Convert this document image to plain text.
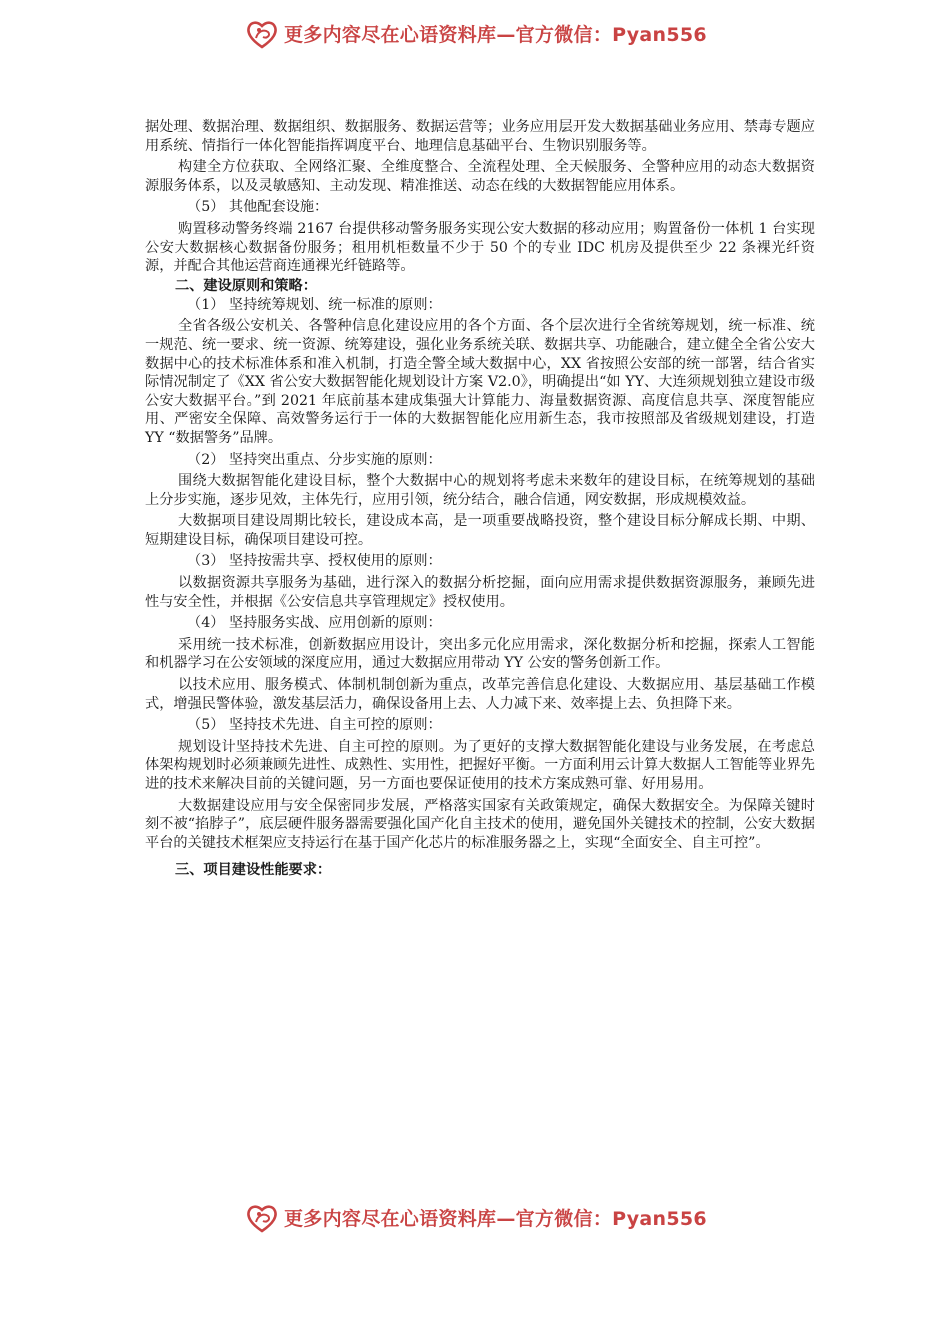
更多内容尽在心语资料库—官方微信：Pyan556

据处理、数据治理、数据组织、数据服务、数据运营等；业务应用层开发大数据基础业务应用、禁毒专题应用系统、情指行一体化智能指挥调度平台、地理信息基础平台、生物识别服务等。

构建全方位获取、全网络汇聚、全维度整合、全流程处理、全天候服务、全警种应用的动态大数据资源服务体系，以及灵敏感知、主动发现、精准推送、动态在线的大数据智能应用体系。

（5） 其他配套设施：

购置移动警务终端 2167 台提供移动警务服务实现公安大数据的移动应用；购置备份一体机 1 台实现公安大数据核心数据备份服务；租用机柜数量不少于 50 个的专业 IDC 机房及提供至少 22 条裸光纤资源，并配合其他运营商连通裸光纤链路等。

二、建设原则和策略：

（1） 坚持统筹规划、统一标准的原则：

全省各级公安机关、各警种信息化建设应用的各个方面、各个层次进行全省统筹规划，统一标准、统一规范、统一要求、统一资源、统筹建设，强化业务系统关联、数据共享、功能融合，建立健全全省公安大数据中心的技术标准体系和准入机制，打造全警全域大数据中心，XX 省按照公安部的统一部署，结合省实际情况制定了《XX 省公安大数据智能化规划设计方案 V2.0》，明确提出“如 YY、大连须规划独立建设市级公安大数据平台。”到 2021 年底前基本建成集强大计算能力、海量数据资源、高度信息共享、深度智能应用、严密安全保障、高效警务运行于一体的大数据智能化应用新生态，我市按照部及省级规划建设，打造 YY “数据警务”品牌。

（2） 坚持突出重点、分步实施的原则：

围绕大数据智能化建设目标，整个大数据中心的规划将考虑未来数年的建设目标，在统筹规划的基础上分步实施，逐步见效，主体先行，应用引领，统分结合，融合信通，网安数据，形成规模效益。

大数据项目建设周期比较长，建设成本高，是一项重要战略投资，整个建设目标分解成长期、中期、短期建设目标，确保项目建设可控。

（3） 坚持按需共享、授权使用的原则：

以数据资源共享服务为基础，进行深入的数据分析挖掘，面向应用需求提供数据资源服务，兼顾先进性与安全性，并根据《公安信息共享管理规定》授权使用。

（4） 坚持服务实战、应用创新的原则：

采用统一技术标准，创新数据应用设计，突出多元化应用需求，深化数据分析和挖掘，探索人工智能和机器学习在公安领域的深度应用，通过大数据应用带动 YY 公安的警务创新工作。

以技术应用、服务模式、体制机制创新为重点，改革完善信息化建设、大数据应用、基层基础工作模式，增强民警体验，激发基层活力，确保设备用上去、人力减下来、效率提上去、负担降下来。

（5） 坚持技术先进、自主可控的原则：

规划设计坚持技术先进、自主可控的原则。为了更好的支撑大数据智能化建设与业务发展，在考虑总体架构规划时必须兼顾先进性、成熟性、实用性，把握好平衡。一方面利用云计算大数据人工智能等业界先进的技术来解决目前的关键问题，另一方面也要保证使用的技术方案成熟可靠、好用易用。

大数据建设应用与安全保密同步发展，严格落实国家有关政策规定，确保大数据安全。为保障关键时刻不被“掐脖子”，底层硬件服务器需要强化国产化自主技术的使用，避免国外关键技术的控制，公安大数据平台的关键技术框架应支持运行在基于国产化芯片的标准服务器之上，实现“全面安全、自主可控”。

三、项目建设性能要求：
更多内容尽在心语资料库—官方微信：Pyan556
